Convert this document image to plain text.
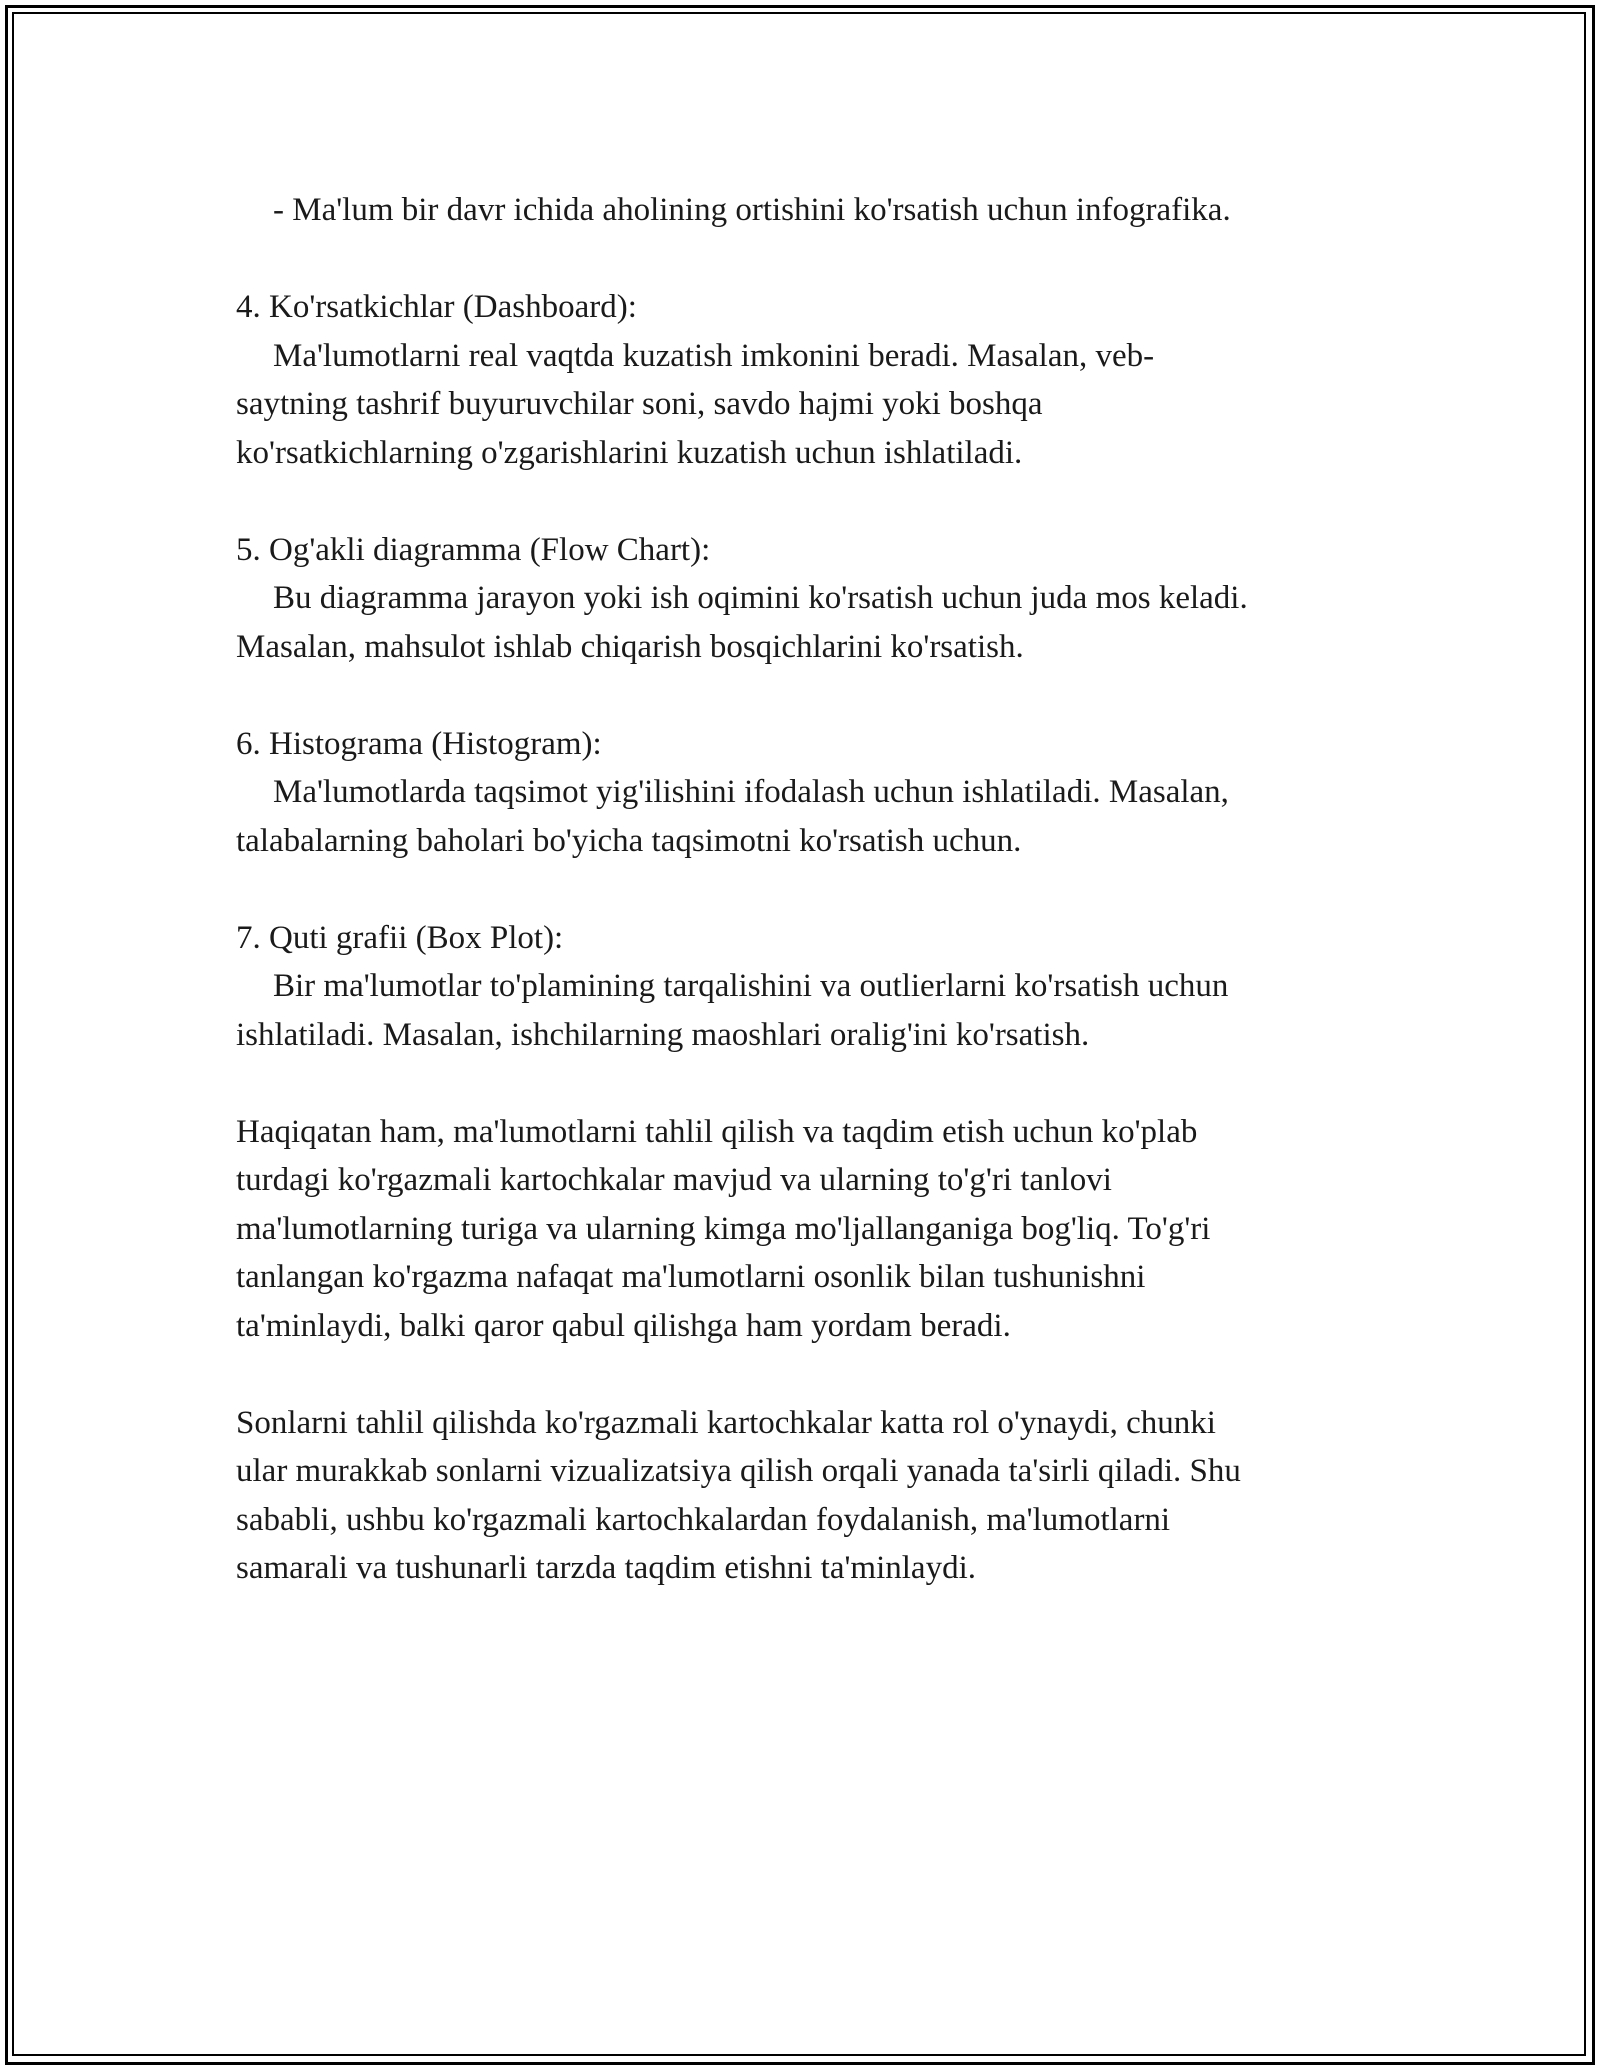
- Ma'lum bir davr ichida aholining ortishini ko'rsatish uchun infografika.
4. Ko'rsatkichlar (Dashboard):
Ma'lumotlarni real vaqtda kuzatish imkonini beradi. Masalan, veb-
saytning tashrif buyuruvchilar soni, savdo hajmi yoki boshqa
ko'rsatkichlarning o'zgarishlarini kuzatish uchun ishlatiladi.
5. Og'akli diagramma (Flow Chart):
Bu diagramma jarayon yoki ish oqimini ko'rsatish uchun juda mos keladi.
Masalan, mahsulot ishlab chiqarish bosqichlarini ko'rsatish.
6. Histograma (Histogram):
Ma'lumotlarda taqsimot yig'ilishini ifodalash uchun ishlatiladi. Masalan,
talabalarning baholari bo'yicha taqsimotni ko'rsatish uchun.
7. Quti grafii (Box Plot):
Bir ma'lumotlar to'plamining tarqalishini va outlierlarni ko'rsatish uchun
ishlatiladi. Masalan, ishchilarning maoshlari oralig'ini ko'rsatish.
Haqiqatan ham, ma'lumotlarni tahlil qilish va taqdim etish uchun ko'plab
turdagi ko'rgazmali kartochkalar mavjud va ularning to'g'ri tanlovi
ma'lumotlarning turiga va ularning kimga mo'ljallanganiga bog'liq. To'g'ri
tanlangan ko'rgazma nafaqat ma'lumotlarni osonlik bilan tushunishni
ta'minlaydi, balki qaror qabul qilishga ham yordam beradi.
Sonlarni tahlil qilishda ko'rgazmali kartochkalar katta rol o'ynaydi, chunki
ular murakkab sonlarni vizualizatsiya qilish orqali yanada ta'sirli qiladi. Shu
sababli, ushbu ko'rgazmali kartochkalardan foydalanish, ma'lumotlarni
samarali va tushunarli tarzda taqdim etishni ta'minlaydi.
